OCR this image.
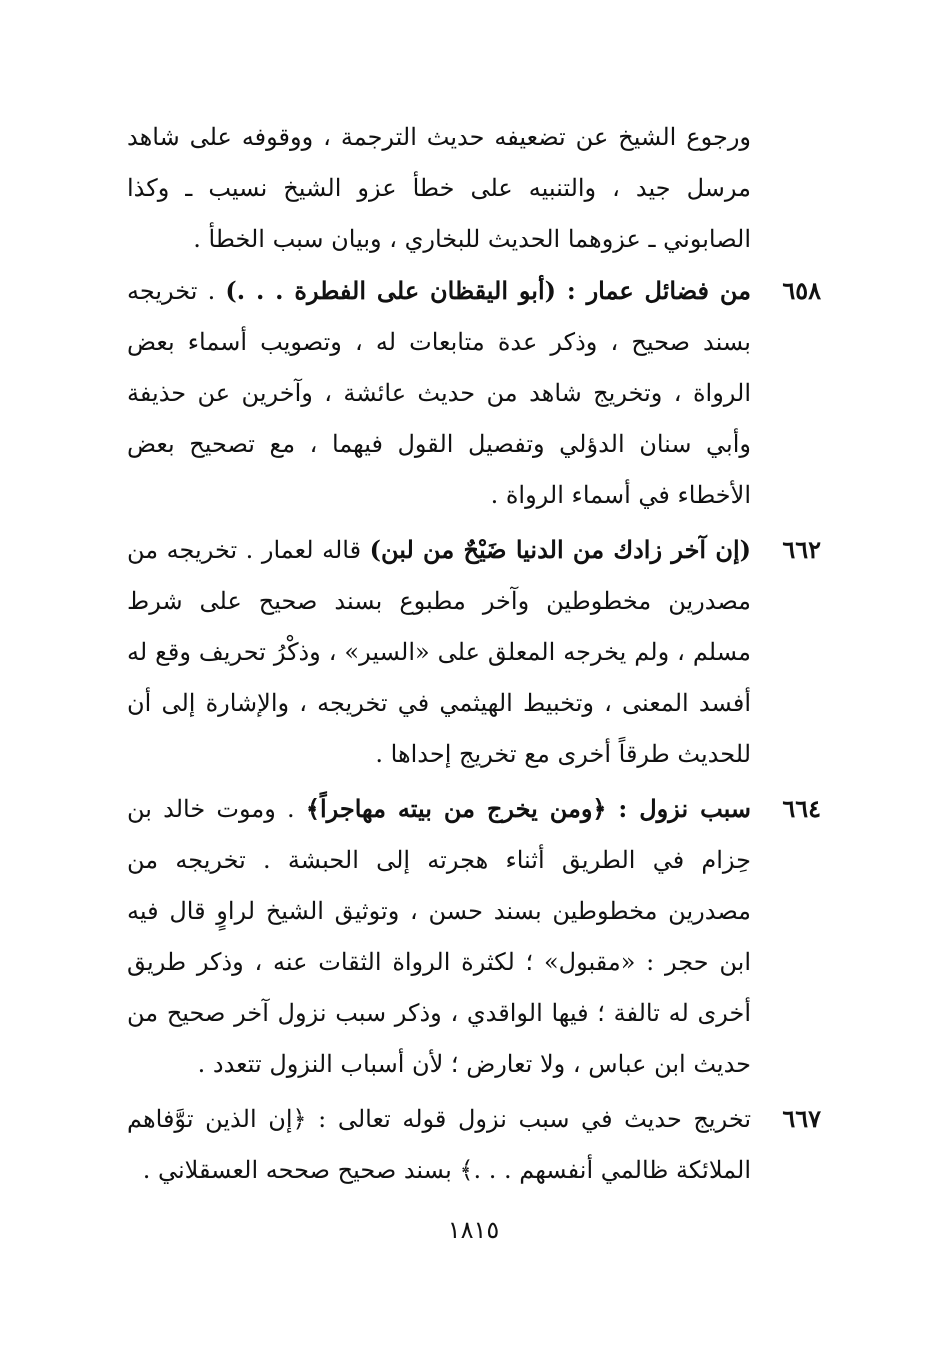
ورجوع الشيخ عن تضعيفه حديث الترجمة ، ووقوفه على شاهد مرسل جيد ، والتنبيه على خطأ عزو الشيخ نسيب ـ وكذا الصابوني ـ عزوهما الحديث للبخاري ، وبيان سبب الخطأ .

٦٥٨
من فضائل عمار : (أبو اليقظان على الفطرة . . .) . تخريجه بسند صحيح ، وذكر عدة متابعات له ، وتصويب أسماء بعض الرواة ، وتخريج شاهد من حديث عائشة ، وآخرين عن حذيفة وأبي سنان الدؤلي وتفصيل القول فيهما ، مع تصحيح بعض الأخطاء في أسماء الرواة .
٦٦٢
(إن آخر زادك من الدنيا ضَيْحٌ من لبن) قاله لعمار . تخريجه من مصدرين مخطوطين وآخر مطبوع بسند صحيح على شرط مسلم ، ولم يخرجه المعلق على «السير» ، وذكْرُ تحريف وقع له أفسد المعنى ، وتخبيط الهيثمي في تخريجه ، والإشارة إلى أن للحديث طرقاً أخرى مع تخريج إحداها .
٦٦٤
سبب نزول : ﴿ومن يخرج من بيته مهاجراً﴾ . وموت خالد بن حِزام في الطريق أثناء هجرته إلى الحبشة . تخريجه من مصدرين مخطوطين بسند حسن ، وتوثيق الشيخ لراوٍ قال فيه ابن حجر : «مقبول» ؛ لكثرة الرواة الثقات عنه ، وذكر طريق أخرى له تالفة ؛ فيها الواقدي ، وذكر سبب نزول آخر صحيح من حديث ابن عباس ، ولا تعارض ؛ لأن أسباب النزول تتعدد .
٦٦٧
تخريج حديث في سبب نزول قوله تعالى : ﴿إن الذين توَّفاهم الملائكة ظالمي أنفسهم . . .﴾ بسند صحيح صححه العسقلاني .
١٨١٥
